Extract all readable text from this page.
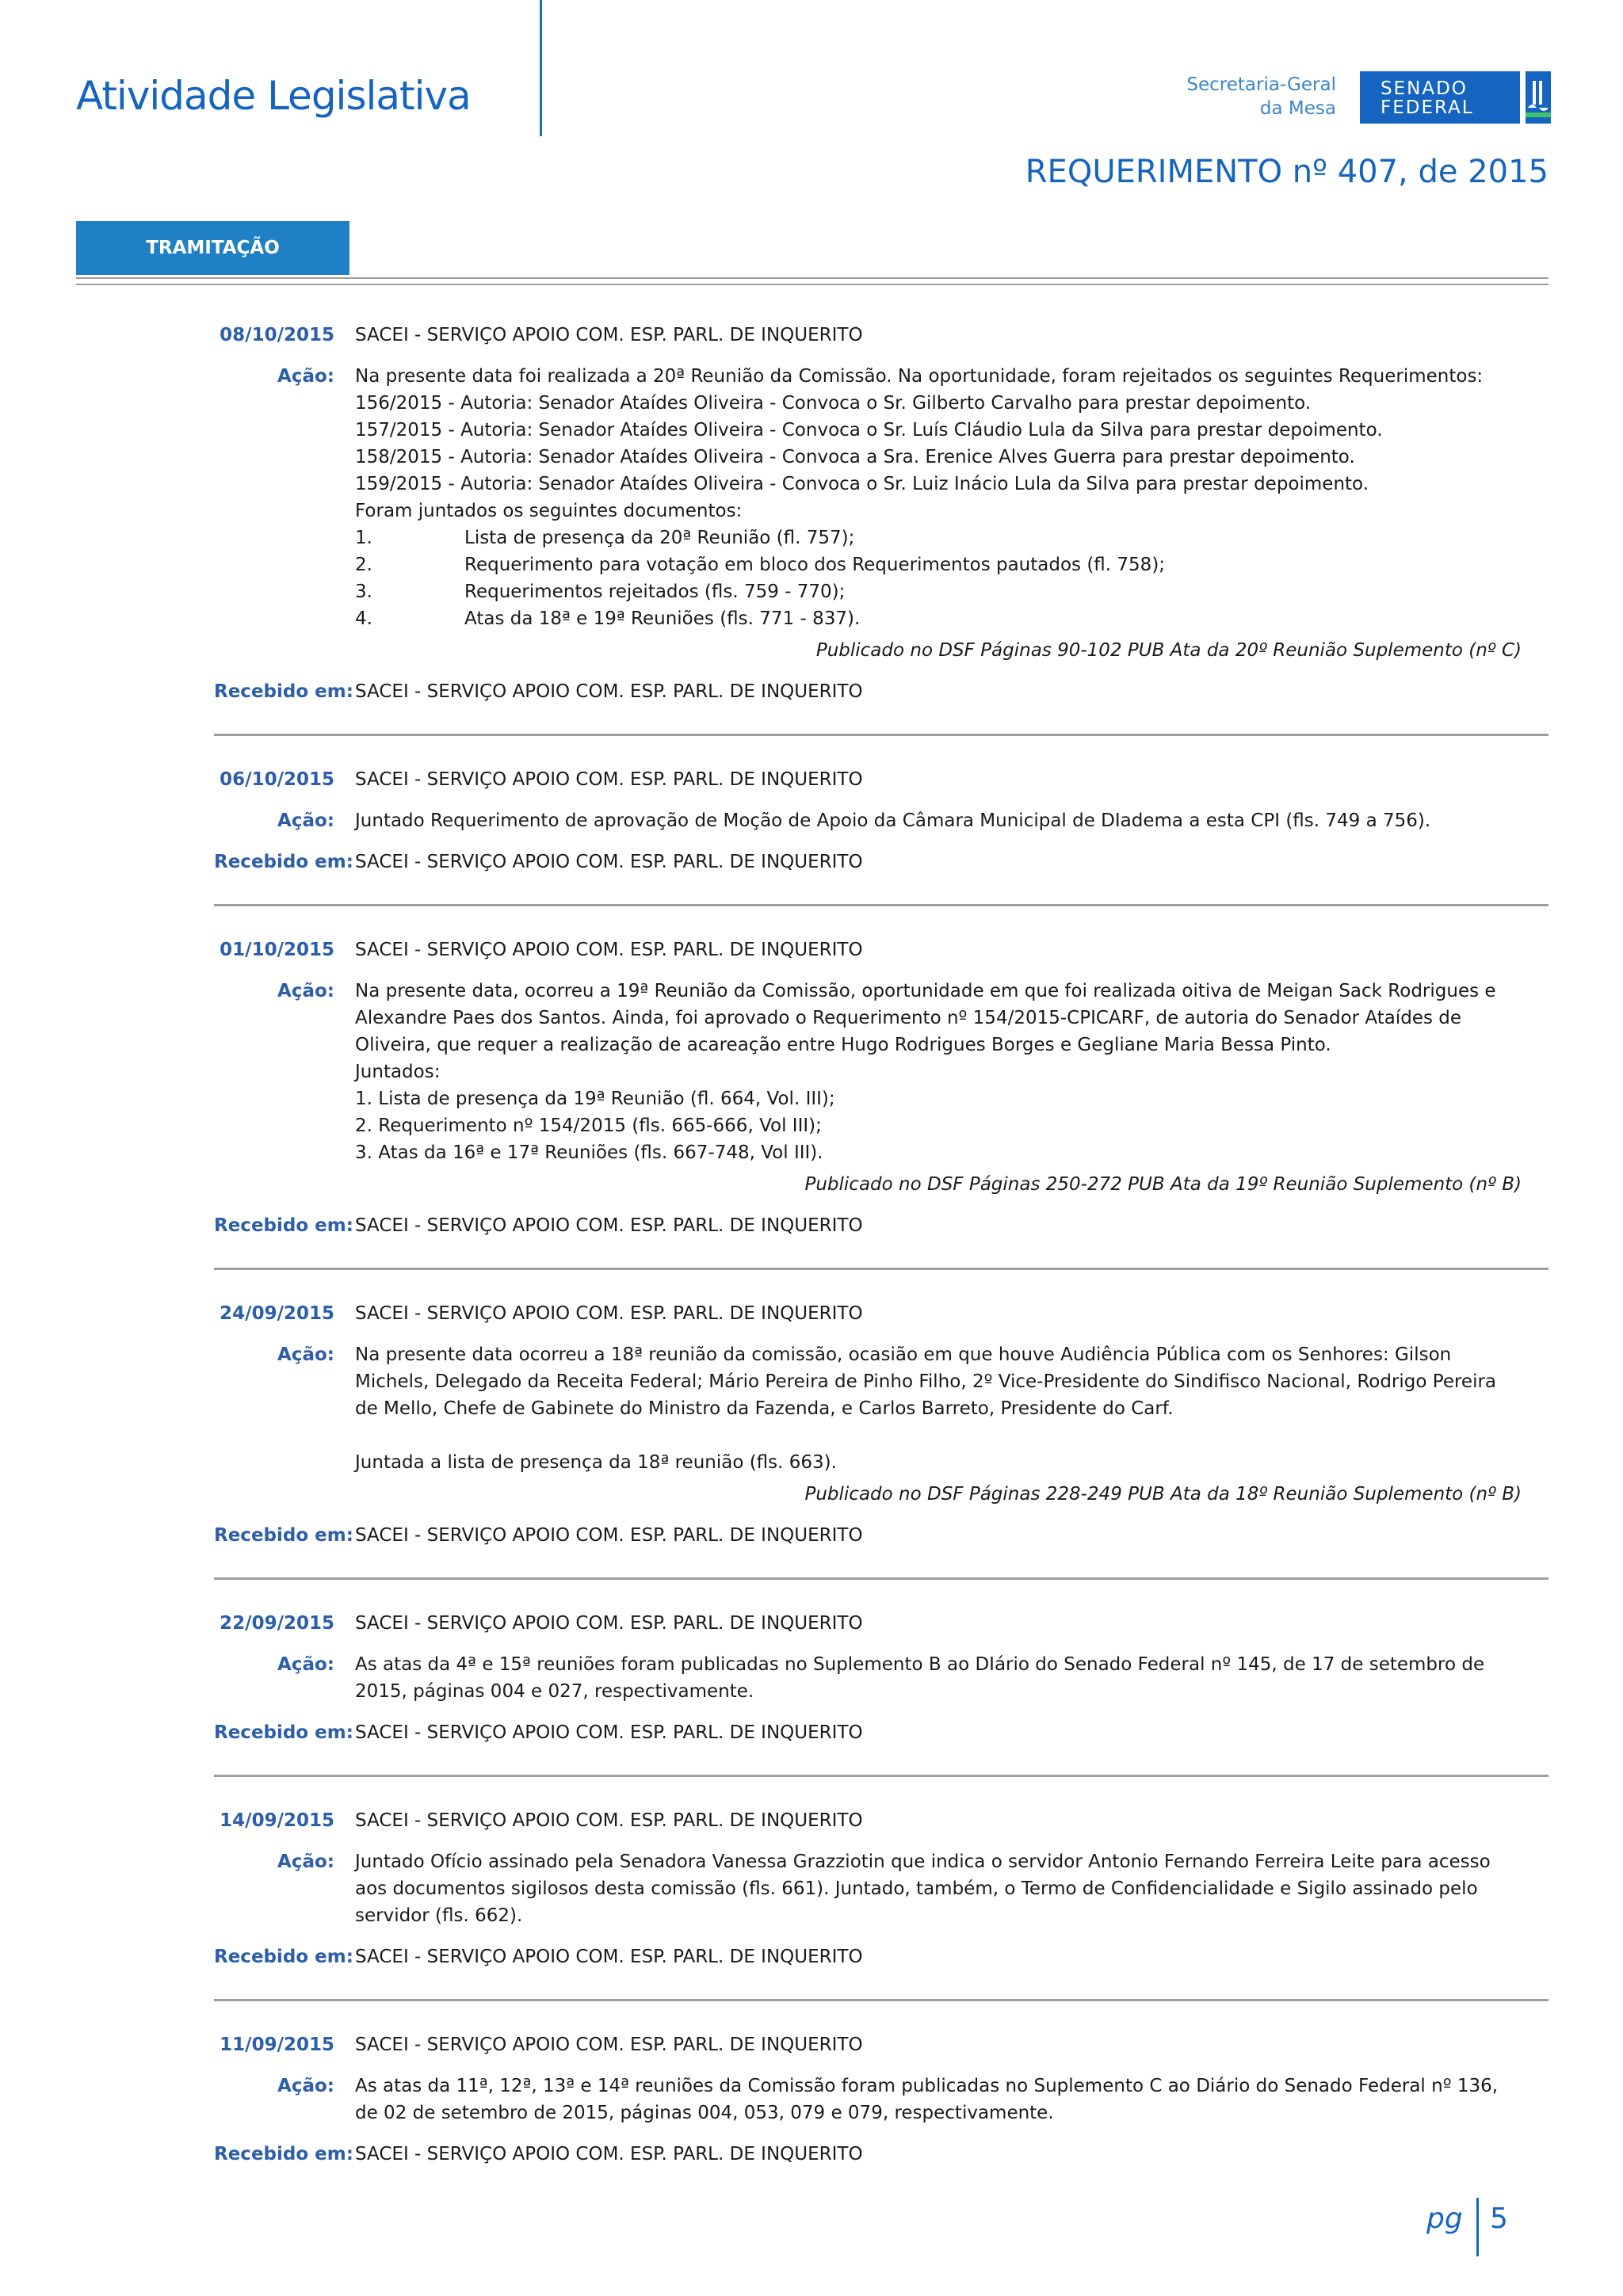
Atividade Legislativa	Secretaria-Geral
da Mesa
SENADO
FEDERAL
REQUERIMENTO nº 407, de 2015
TRAMITAÇÃO
08/10/2015	SACEI - SERVIÇO APOIO COM. ESP. PARL. DE INQUERITO
Ação:	Na presente data foi realizada a 20ª Reunião da Comissão. Na oportunidade, foram rejeitados os seguintes Requerimentos:
156/2015 - Autoria: Senador Ataídes Oliveira - Convoca o Sr. Gilberto Carvalho para prestar depoimento.
157/2015 - Autoria: Senador Ataídes Oliveira - Convoca o Sr. Luís Cláudio Lula da Silva para prestar depoimento.
158/2015 - Autoria: Senador Ataídes Oliveira - Convoca a Sra. Erenice Alves Guerra para prestar depoimento.
159/2015 - Autoria: Senador Ataídes Oliveira - Convoca o Sr. Luiz Inácio Lula da Silva para prestar depoimento.
Foram juntados os seguintes documentos:
1.	Lista de presença da 20ª Reunião (fl. 757);
2.	Requerimento para votação em bloco dos Requerimentos pautados (fl. 758);
3.	Requerimentos rejeitados (fls. 759 - 770);
4.	Atas da 18ª e 19ª Reuniões (fls. 771 - 837).
Publicado no DSF Páginas 90-102 PUB Ata da 20º Reunião Suplemento (nº C)
Recebido em: SACEI - SERVIÇO APOIO COM. ESP. PARL. DE INQUERITO
06/10/2015	SACEI - SERVIÇO APOIO COM. ESP. PARL. DE INQUERITO
Ação:	Juntado Requerimento de aprovação de Moção de Apoio da Câmara Municipal de DIadema a esta CPI (fls. 749 a 756).
Recebido em: SACEI - SERVIÇO APOIO COM. ESP. PARL. DE INQUERITO
01/10/2015	SACEI - SERVIÇO APOIO COM. ESP. PARL. DE INQUERITO
Ação:	Na presente data, ocorreu a 19ª Reunião da Comissão, oportunidade em que foi realizada oitiva de Meigan Sack Rodrigues e Alexandre Paes dos Santos. Ainda, foi aprovado o Requerimento nº 154/2015-CPICARF, de autoria do Senador Ataídes de Oliveira, que requer a realização de acareação entre Hugo Rodrigues Borges e Gegliane Maria Bessa Pinto.
Juntados:
1. Lista de presença da 19ª Reunião (fl. 664, Vol. III);
2. Requerimento nº 154/2015 (fls. 665-666, Vol III);
3. Atas da 16ª e 17ª Reuniões (fls. 667-748, Vol III).
Publicado no DSF Páginas 250-272 PUB Ata da 19º Reunião Suplemento (nº B)
Recebido em: SACEI - SERVIÇO APOIO COM. ESP. PARL. DE INQUERITO
24/09/2015	SACEI - SERVIÇO APOIO COM. ESP. PARL. DE INQUERITO
Ação:	Na presente data ocorreu a 18ª reunião da comissão, ocasião em que houve Audiência Pública com os Senhores: Gilson Michels, Delegado da Receita Federal; Mário Pereira de Pinho Filho, 2º Vice-Presidente do Sindifisco Nacional, Rodrigo Pereira de Mello, Chefe de Gabinete do Ministro da Fazenda, e Carlos Barreto, Presidente do Carf.
Juntada a lista de presença da 18ª reunião (fls. 663).
Publicado no DSF Páginas 228-249 PUB Ata da 18º Reunião Suplemento (nº B)
Recebido em: SACEI - SERVIÇO APOIO COM. ESP. PARL. DE INQUERITO
22/09/2015	SACEI - SERVIÇO APOIO COM. ESP. PARL. DE INQUERITO
Ação:	As atas da 4ª e 15ª reuniões foram publicadas no Suplemento B ao DIário do Senado Federal nº 145, de 17 de setembro de 2015, páginas 004 e 027, respectivamente.
Recebido em: SACEI - SERVIÇO APOIO COM. ESP. PARL. DE INQUERITO
14/09/2015	SACEI - SERVIÇO APOIO COM. ESP. PARL. DE INQUERITO
Ação:	Juntado Ofício assinado pela Senadora Vanessa Grazziotin que indica o servidor Antonio Fernando Ferreira Leite para acesso aos documentos sigilosos desta comissão (fls. 661). Juntado, também, o Termo de Confidencialidade e Sigilo assinado pelo servidor (fls. 662).
Recebido em: SACEI - SERVIÇO APOIO COM. ESP. PARL. DE INQUERITO
11/09/2015	SACEI - SERVIÇO APOIO COM. ESP. PARL. DE INQUERITO
Ação:	As atas da 11ª, 12ª, 13ª e 14ª reuniões da Comissão foram publicadas no Suplemento C ao Diário do Senado Federal nº 136, de 02 de setembro de 2015, páginas 004, 053, 079 e 079, respectivamente.
Recebido em: SACEI - SERVIÇO APOIO COM. ESP. PARL. DE INQUERITO
pg 5
